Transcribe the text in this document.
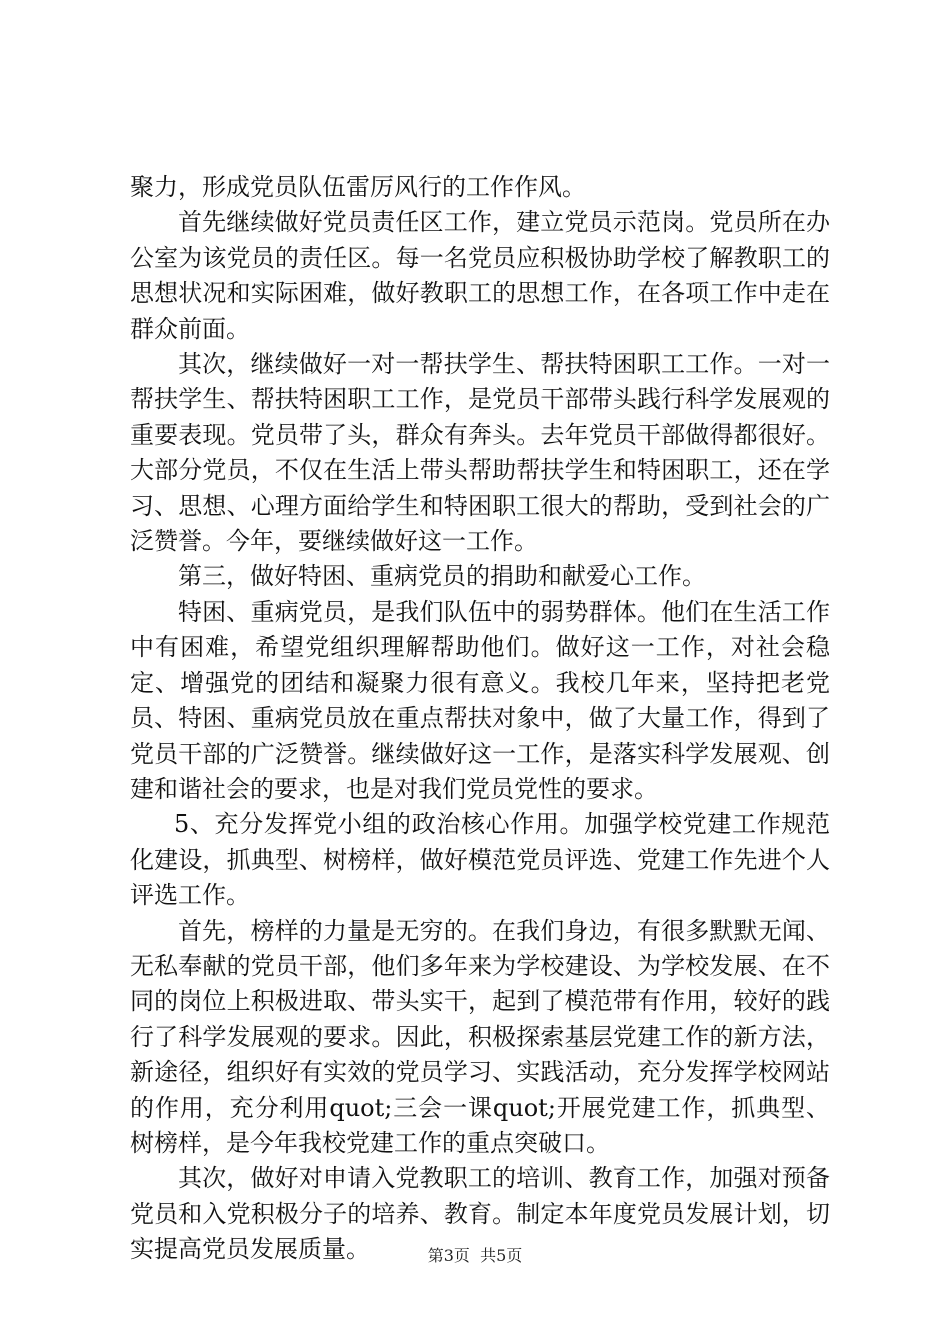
聚力，形成党员队伍雷厉风行的工作作风。

首先继续做好党员责任区工作，建立党员示范岗。党员所在办公室为该党员的责任区。每一名党员应积极协助学校了解教职工的思想状况和实际困难，做好教职工的思想工作，在各项工作中走在群众前面。

其次，继续做好一对一帮扶学生、帮扶特困职工工作。一对一帮扶学生、帮扶特困职工工作，是党员干部带头践行科学发展观的重要表现。党员带了头，群众有奔头。去年党员干部做得都很好。大部分党员，不仅在生活上带头帮助帮扶学生和特困职工，还在学习、思想、心理方面给学生和特困职工很大的帮助，受到社会的广泛赞誉。今年，要继续做好这一工作。

第三，做好特困、重病党员的捐助和献爱心工作。

特困、重病党员，是我们队伍中的弱势群体。他们在生活工作中有困难，希望党组织理解帮助他们。做好这一工作，对社会稳定、增强党的团结和凝聚力很有意义。我校几年来，坚持把老党员、特困、重病党员放在重点帮扶对象中，做了大量工作，得到了党员干部的广泛赞誉。继续做好这一工作，是落实科学发展观、创建和谐社会的要求，也是对我们党员党性的要求。

5、充分发挥党小组的政治核心作用。加强学校党建工作规范化建设，抓典型、树榜样，做好模范党员评选、党建工作先进个人评选工作。

首先，榜样的力量是无穷的。在我们身边，有很多默默无闻、无私奉献的党员干部，他们多年来为学校建设、为学校发展、在不同的岗位上积极进取、带头实干，起到了模范带有作用，较好的践行了科学发展观的要求。因此，积极探索基层党建工作的新方法，新途径，组织好有实效的党员学习、实践活动，充分发挥学校网站的作用，充分利用quot;三会一课quot;开展党建工作，抓典型、树榜样，是今年我校党建工作的重点突破口。

其次，做好对申请入党教职工的培训、教育工作，加强对预备党员和入党积极分子的培养、教育。制定本年度党员发展计划，切实提高党员发展质量。	第3页  共5页
